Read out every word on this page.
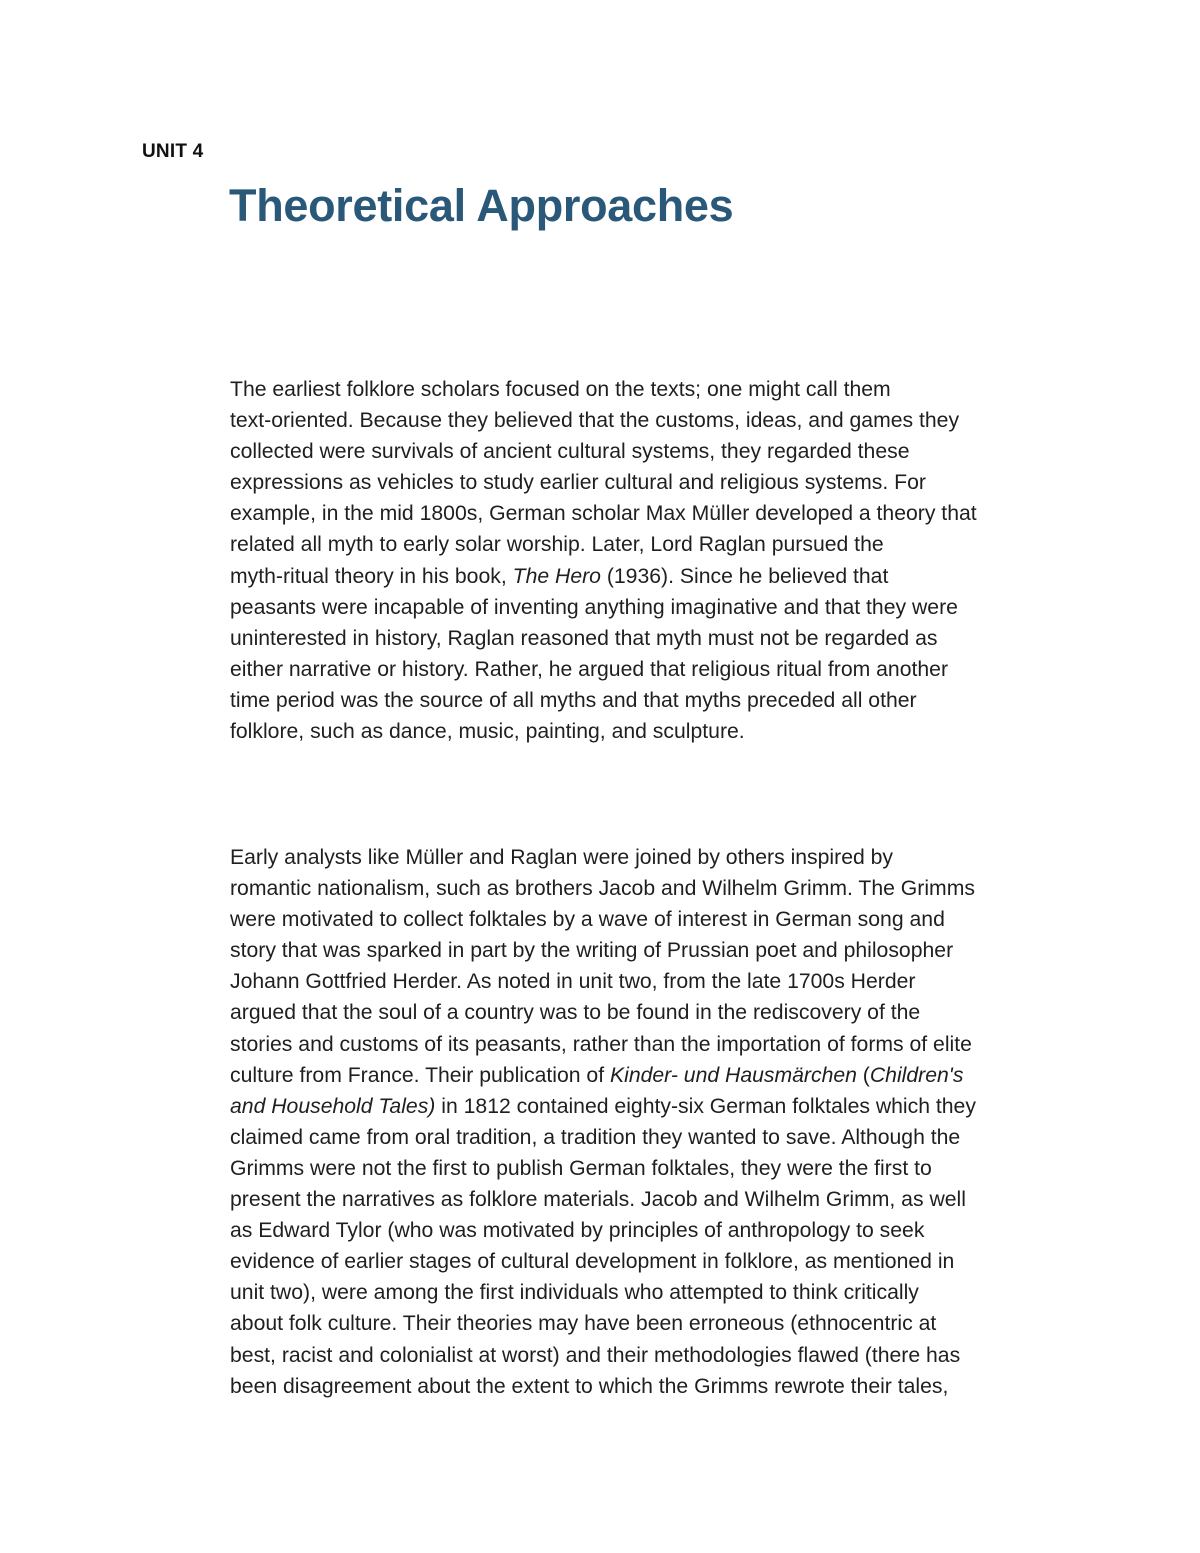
UNIT 4
Theoretical Approaches

The earliest folklore scholars focused on the texts; one might call them
text-oriented. Because they believed that the customs, ideas, and games they
collected were survivals of ancient cultural systems, they regarded these
expressions as vehicles to study earlier cultural and religious systems. For
example, in the mid 1800s, German scholar Max Müller developed a theory that
related all myth to early solar worship. Later, Lord Raglan pursued the
myth-ritual theory in his book, The Hero (1936). Since he believed that
peasants were incapable of inventing anything imaginative and that they were
uninterested in history, Raglan reasoned that myth must not be regarded as
either narrative or history. Rather, he argued that religious ritual from another
time period was the source of all myths and that myths preceded all other
folklore, such as dance, music, painting, and sculpture.

Early analysts like Müller and Raglan were joined by others inspired by
romantic nationalism, such as brothers Jacob and Wilhelm Grimm. The Grimms
were motivated to collect folktales by a wave of interest in German song and
story that was sparked in part by the writing of Prussian poet and philosopher
Johann Gottfried Herder. As noted in unit two, from the late 1700s Herder
argued that the soul of a country was to be found in the rediscovery of the
stories and customs of its peasants, rather than the importation of forms of elite
culture from France. Their publication of Kinder- und Hausmärchen (Children's
and Household Tales) in 1812 contained eighty-six German folktales which they
claimed came from oral tradition, a tradition they wanted to save. Although the
Grimms were not the first to publish German folktales, they were the first to
present the narratives as folklore materials. Jacob and Wilhelm Grimm, as well
as Edward Tylor (who was motivated by principles of anthropology to seek
evidence of earlier stages of cultural development in folklore, as mentioned in
unit two), were among the first individuals who attempted to think critically
about folk culture. Their theories may have been erroneous (ethnocentric at
best, racist and colonialist at worst) and their methodologies flawed (there has
been disagreement about the extent to which the Grimms rewrote their tales,
